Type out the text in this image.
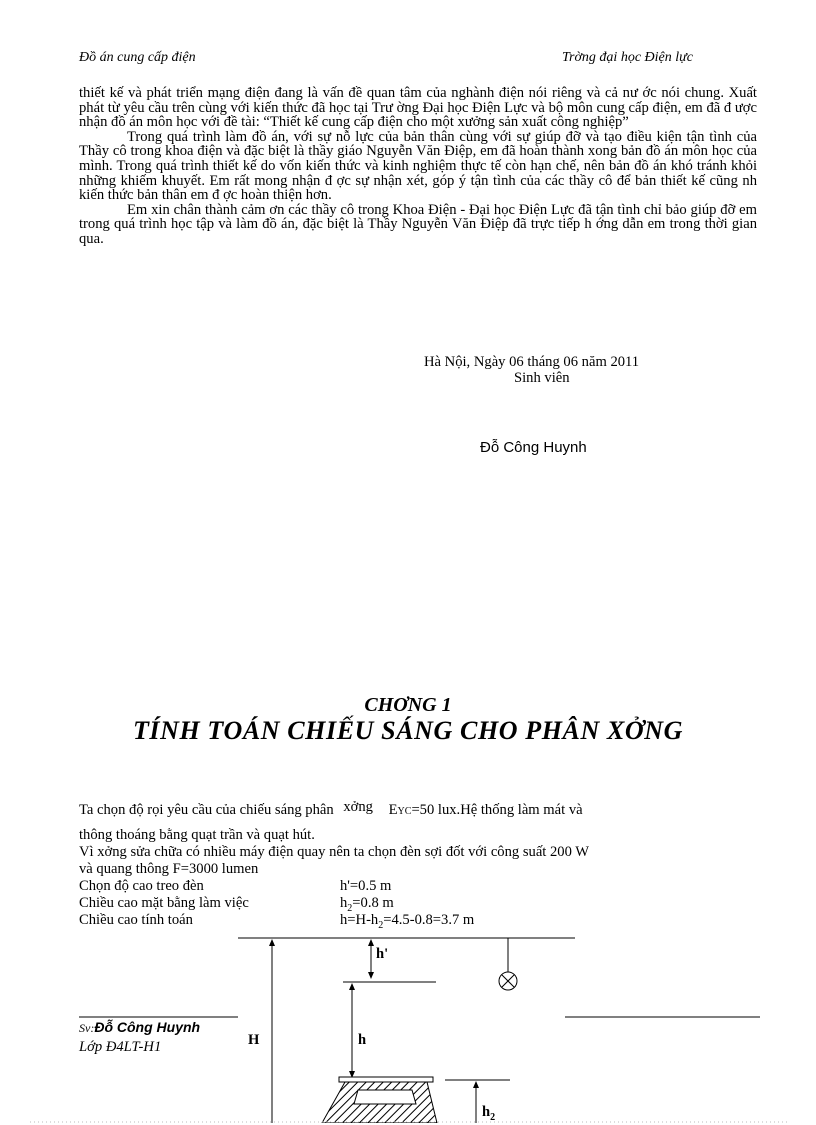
Đồ án cung cấp điện	Trờng đại học Điện lực

thiết kế và phát triển mạng điện đang là vấn đề quan tâm của nghành điện nói riêng và cả nư ớc nói chung. Xuất phát từ yêu cầu trên cùng với kiến thức đã học tại Trư ờng Đại học Điện Lực và bộ môn cung cấp điện, em đã đ ược nhận đồ án môn học với đề tài: “Thiết kế cung cấp điện cho một xưởng sản xuất công nghiệp”

Trong quá trình làm đồ án, với sự nỗ lực của bản thân cùng với sự giúp đỡ và tạo điều kiện tận tình của Thầy cô trong khoa điện và đặc biệt là thầy giáo Nguyễn Văn Điệp, em đã hoàn thành xong bản đồ án môn học của mình. Trong quá trình thiết kế do vốn kiến thức và kinh nghiệm thực tế còn hạn chế, nên bản đồ án khó tránh khỏi những khiếm khuyết. Em rất mong nhận đ ợc sự nhận xét, góp ý tận tình của các thầy cô để bản thiết kế cũng nh kiến thức bản thân em đ ợc hoàn thiện hơn.

Em xin chân thành cảm ơn các thầy cô trong Khoa Điện - Đại học Điện Lực đã tận tình chỉ bảo giúp đỡ em trong quá trình học tập và làm đồ án, đặc biệt là Thầy Nguyễn Văn Điệp đã trực tiếp h ớng dẫn em trong thời gian qua.

Hà Nội, Ngày 06 tháng 06 năm 2011
Sinh viên
Đỗ Công Huynh
CHƠNG 1
TÍNH TOÁN CHIẾU SÁNG CHO PHÂN XỞNG
Ta chọn độ rọi yêu cầu của chiếu sáng phân xởng EYC=50 lux.Hệ thống làm mát và
thông thoáng bằng quạt trần và quạt hút.
Vì xởng sửa chữa có nhiều máy điện quay nên ta chọn đèn sợi đốt với công suất 200 W
và quang thông F=3000 lumen
Chọn độ cao treo đèn	h'=0.5 m
Chiều cao mặt bằng làm việc	$h_2=0.8$ m
Chiều cao tính toán	$h=H-h_2=4.5-0.8=3.7$ m
h'
h
H
$h_2$
Sv:Đỗ Công Huynh
Lớp Đ4LT-H1
